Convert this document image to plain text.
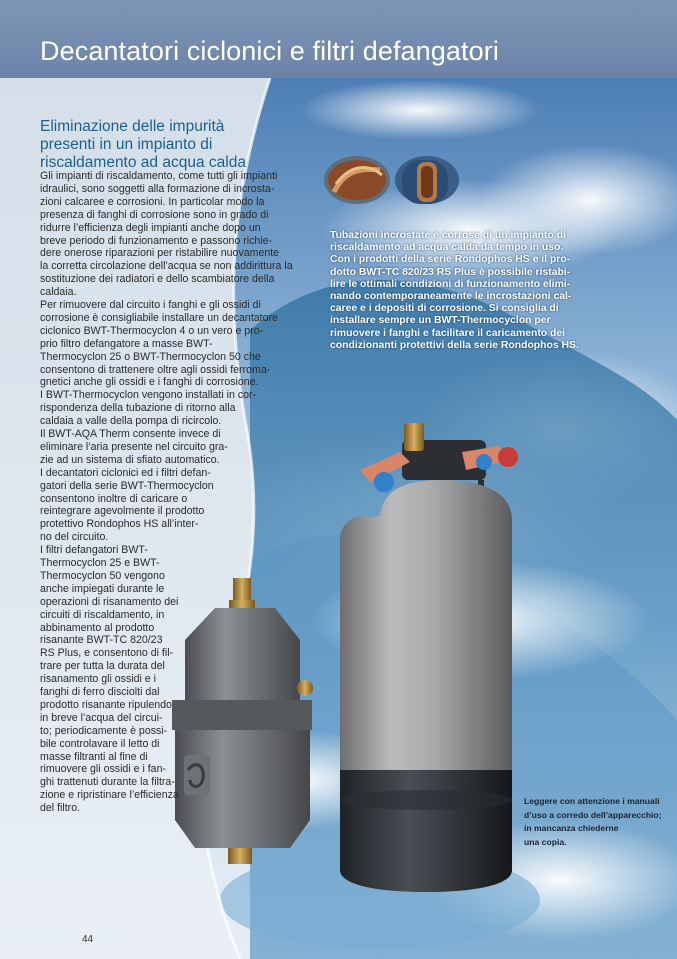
Decantatori ciclonici e filtri defangatori
Eliminazione delle impurità
presenti in un impianto di
riscaldamento ad acqua calda
Gli impianti di riscaldamento, come tutti gli impianti
idraulici, sono soggetti alla formazione di incrosta-
zioni calcaree e corrosioni. In particolar modo la
presenza di fanghi di corrosione sono in grado di
ridurre l’efficienza degli impianti anche dopo un
breve periodo di funzionamento e passono richie-
dere onerose riparazioni per ristabilire nuovamente
la corretta circolazione dell’acqua se non addirittura la
sostituzione dei radiatori e dello scambiatore della
caldaia.
Per rimuovere dal circuito i fanghi e gli ossidi di
corrosione è consigliabile installare un decantatore
ciclonico BWT-Thermocyclon 4 o un vero e pro-
prio filtro defangatore a masse BWT-
Thermocyclon 25 o BWT-Thermocyclon 50 che
consentono di trattenere oltre agli ossidi ferroma-
gnetici anche gli ossidi e i fanghi di corrosione.
I BWT-Thermocyclon vengono installati in cor-
rispondenza della tubazione di ritorno alla
caldaia a valle della pompa di ricircolo.
Il BWT-AQA Therm consente invece di
eliminare l’aria presente nel circuito gra-
zie ad un sistema di sfiato automatico.
I decantatori ciclonici ed i filtri defan-
gatori della serie BWT-Thermocyclon
consentono inoltre di caricare o
reintegrare agevolmente il prodotto
protettivo Rondophos HS all’inter-
no del circuito.
I filtri defangatori BWT-
Thermocyclon 25 e BWT-
Thermocyclon 50 vengono
anche impiegati durante le
operazioni di risanamento dei
circuiti di riscaldamento, in
abbinamento al prodotto
risanante BWT-TC 820/23
RS Plus, e consentono di fil-
trare per tutta la durata del
risanamento gli ossidi e i
fanghi di ferro disciolti dal
prodotto risanante ripulendo
in breve l’acqua del circui-
to; periodicamente è possi-
bile controlavare il letto di
masse filtranti al fine di
rimuovere gli ossidi e i fan-
ghi trattenuti durante la filtra-
zione e ripristinare l’efficienza
del filtro.
Tubazioni incrostate e corrose di un impianto di
riscaldamento ad acqua calda da tempo in uso.
Con i prodotti della serie Rondophos HS e il pro-
dotto BWT-TC 820/23 RS Plus è possibile ristabi-
lire le ottimali condizioni di funzionamento elimi-
nando contemporaneamente le incrostazioni cal-
caree e i depositi di corrosione. Si consiglia di
installare sempre un BWT-Thermocyclon per
rimuovere i fanghi e facilitare il caricamento dei
condizionanti protettivi della serie Rondophos HS.
Leggere con attenzione i manuali
d’uso a corredo dell’apparecchio;
in mancanza chiederne
una copia.
44
